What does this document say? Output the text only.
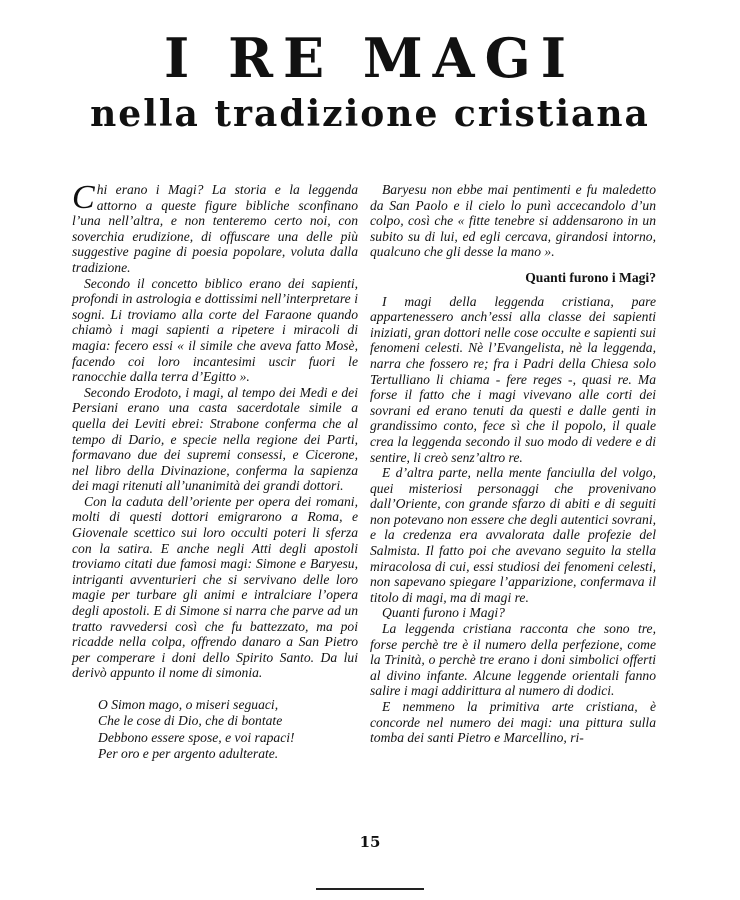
I RE MAGI
nella tradizione cristiana

Chi erano i Magi? La storia e la leggenda attorno a queste figure bibliche sconfinano l’una nell’altra, e non tenteremo certo noi, con soverchia erudizione, di offuscare una delle più suggestive pagine di poesia popolare, voluta dalla tradizione.

Secondo il concetto biblico erano dei sapienti, profondi in astrologia e dottissimi nell’interpretare i sogni. Li troviamo alla corte del Faraone quando chiamò i magi sapienti a ripetere i miracoli di magia: fecero essi « il simile che aveva fatto Mosè, facendo coi loro incantesimi uscir fuori le ranocchie dalla terra d’Egitto ».

Secondo Erodoto, i magi, al tempo dei Medi e dei Persiani erano una casta sacerdotale simile a quella dei Leviti ebrei: Strabone conferma che al tempo di Dario, e specie nella regione dei Parti, formavano due dei supremi consessi, e Cicerone, nel libro della Divinazione, conferma la sapienza dei magi ritenuti all’unanimità dei grandi dottori.

Con la caduta dell’oriente per opera dei romani, molti di questi dottori emigrarono a Roma, e Giovenale scettico sui loro occulti poteri li sferza con la satira. E anche negli Atti degli apostoli troviamo citati due famosi magi: Simone e Baryesu, intriganti avventurieri che si servivano delle loro magie per turbare gli animi e intralciare l’opera degli apostoli. E di Simone si narra che parve ad un tratto ravvedersi così che fu battezzato, ma poi ricadde nella colpa, offrendo danaro a San Pietro per comperare i doni dello Spirito Santo. Da lui derivò appunto il nome di simonia.

O Simon mago, o miseri seguaci,
Che le cose di Dio, che di bontate
Debbono essere spose, e voi rapaci!
Per oro e per argento adulterate.

Baryesu non ebbe mai pentimenti e fu maledetto da San Paolo e il cielo lo punì accecandolo d’un colpo, così che « fitte tenebre si addensarono in un subito su di lui, ed egli cercava, girandosi intorno, qualcuno che gli desse la mano ».

Quanti furono i Magi?

I magi della leggenda cristiana, pare appartenessero anch’essi alla classe dei sapienti iniziati, gran dottori nelle cose occulte e sapienti sui fenomeni celesti. Nè l’Evangelista, nè la leggenda, narra che fossero re; fra i Padri della Chiesa solo Tertulliano li chiama - fere reges -, quasi re. Ma forse il fatto che i magi vivevano alle corti dei sovrani ed erano tenuti da questi e dalle genti in grandissimo conto, fece sì che il popolo, il quale crea la leggenda secondo il suo modo di vedere e di sentire, li creò senz’altro re.

E d’altra parte, nella mente fanciulla del volgo, quei misteriosi personaggi che provenivano dall’Oriente, con grande sfarzo di abiti e di seguiti non potevano non essere che degli autentici sovrani, e la credenza era avvalorata dalle profezie del Salmista. Il fatto poi che avevano seguito la stella miracolosa di cui, essi studiosi dei fenomeni celesti, non sapevano spiegare l’apparizione, confermava il titolo di magi, ma di magi re.

Quanti furono i Magi?

La leggenda cristiana racconta che sono tre, forse perchè tre è il numero della perfezione, come la Trinità, o perchè tre erano i doni simbolici offerti al divino infante. Alcune leggende orientali fanno salire i magi addirittura al numero di dodici.

E nemmeno la primitiva arte cristiana, è concorde nel numero dei magi: una pittura sulla tomba dei santi Pietro e Marcellino, ri-

15
